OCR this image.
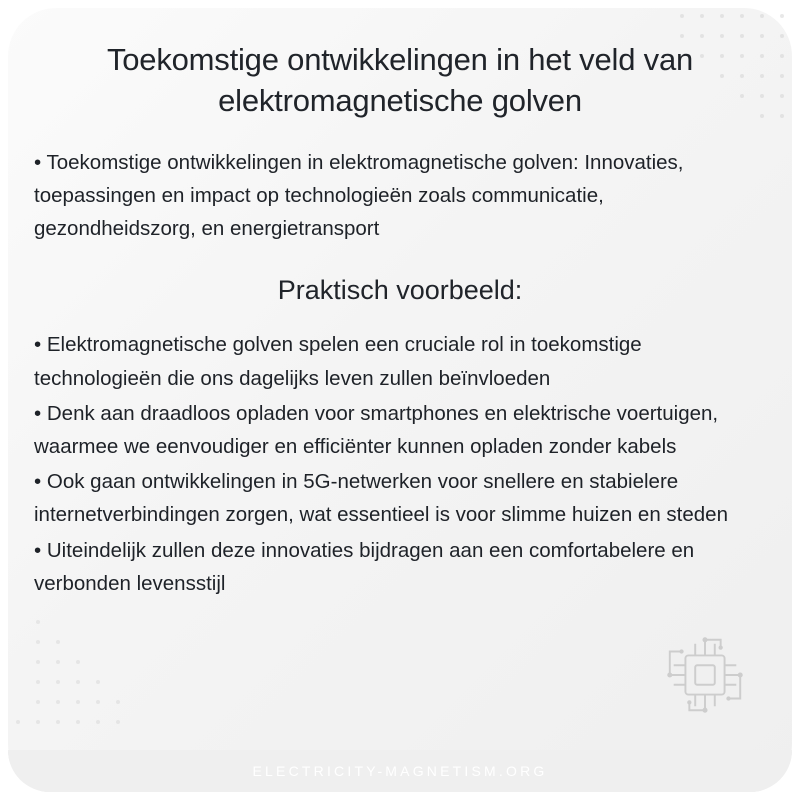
Toekomstige ontwikkelingen in het veld van elektromagnetische golven
• Toekomstige ontwikkelingen in elektromagnetische golven: Innovaties, toepassingen en impact op technologieën zoals communicatie, gezondheidszorg, en energietransport
Praktisch voorbeeld:

• Elektromagnetische golven spelen een cruciale rol in toekomstige technologieën die ons dagelijks leven zullen beïnvloeden

• Denk aan draadloos opladen voor smartphones en elektrische voertuigen, waarmee we eenvoudiger en efficiënter kunnen opladen zonder kabels

• Ook gaan ontwikkelingen in 5G-netwerken voor snellere en stabielere internetverbindingen zorgen, wat essentieel is voor slimme huizen en steden

• Uiteindelijk zullen deze innovaties bijdragen aan een comfortabelere en verbonden levensstijl

ELECTRICITY-MAGNETISM.ORG
